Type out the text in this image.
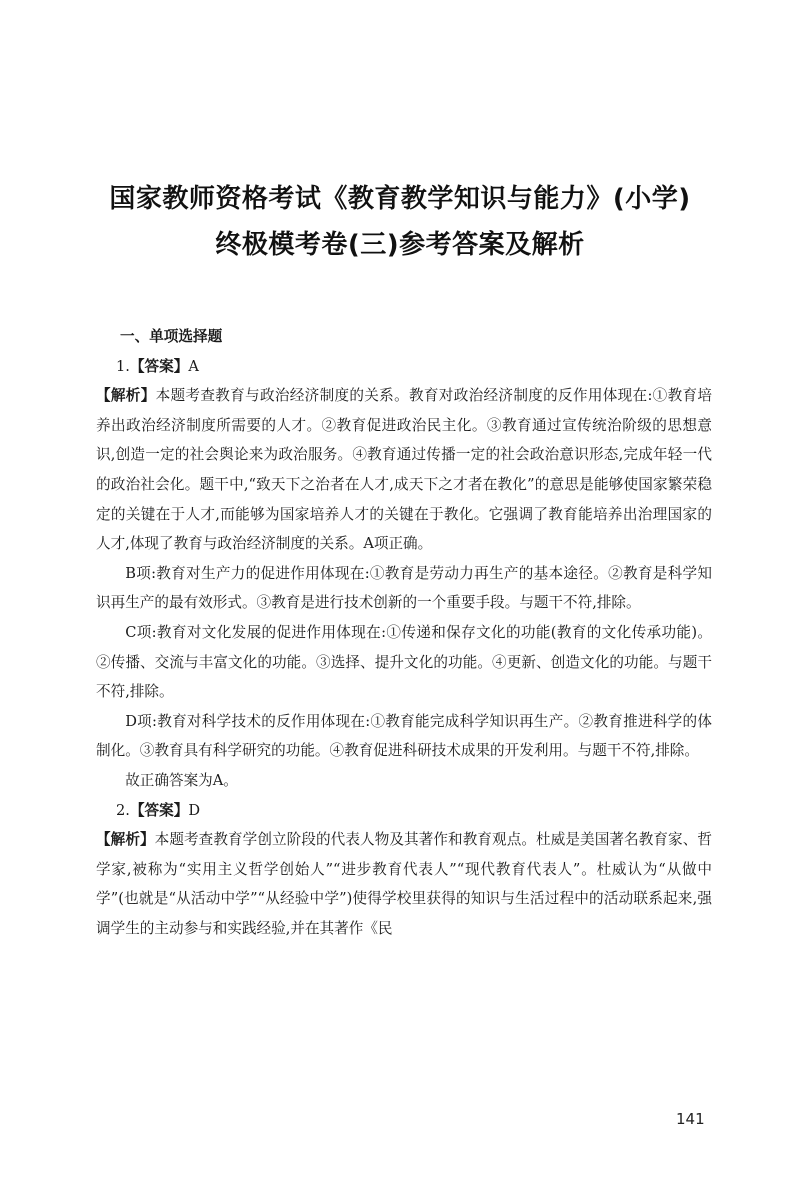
国家教师资格考试《教育教学知识与能力》(小学)
终极模考卷(三)参考答案及解析
一、单项选择题

1.【答案】A

【解析】本题考查教育与政治经济制度的关系。教育对政治经济制度的反作用体现在:①教育培养出政治经济制度所需要的人才。②教育促进政治民主化。③教育通过宣传统治阶级的思想意识,创造一定的社会舆论来为政治服务。④教育通过传播一定的社会政治意识形态,完成年轻一代的政治社会化。题干中,“致天下之治者在人才,成天下之才者在教化”的意思是能够使国家繁荣稳定的关键在于人才,而能够为国家培养人才的关键在于教化。它强调了教育能培养出治理国家的人才,体现了教育与政治经济制度的关系。A项正确。

B项:教育对生产力的促进作用体现在:①教育是劳动力再生产的基本途径。②教育是科学知识再生产的最有效形式。③教育是进行技术创新的一个重要手段。与题干不符,排除。

C项:教育对文化发展的促进作用体现在:①传递和保存文化的功能(教育的文化传承功能)。②传播、交流与丰富文化的功能。③选择、提升文化的功能。④更新、创造文化的功能。与题干不符,排除。

D项:教育对科学技术的反作用体现在:①教育能完成科学知识再生产。②教育推进科学的体制化。③教育具有科学研究的功能。④教育促进科研技术成果的开发利用。与题干不符,排除。

故正确答案为A。

2.【答案】D

【解析】本题考查教育学创立阶段的代表人物及其著作和教育观点。杜威是美国著名教育家、哲学家,被称为“实用主义哲学创始人”“进步教育代表人”“现代教育代表人”。杜威认为“从做中学”(也就是“从活动中学”“从经验中学”)使得学校里获得的知识与生活过程中的活动联系起来,强调学生的主动参与和实践经验,并在其著作《民

141
